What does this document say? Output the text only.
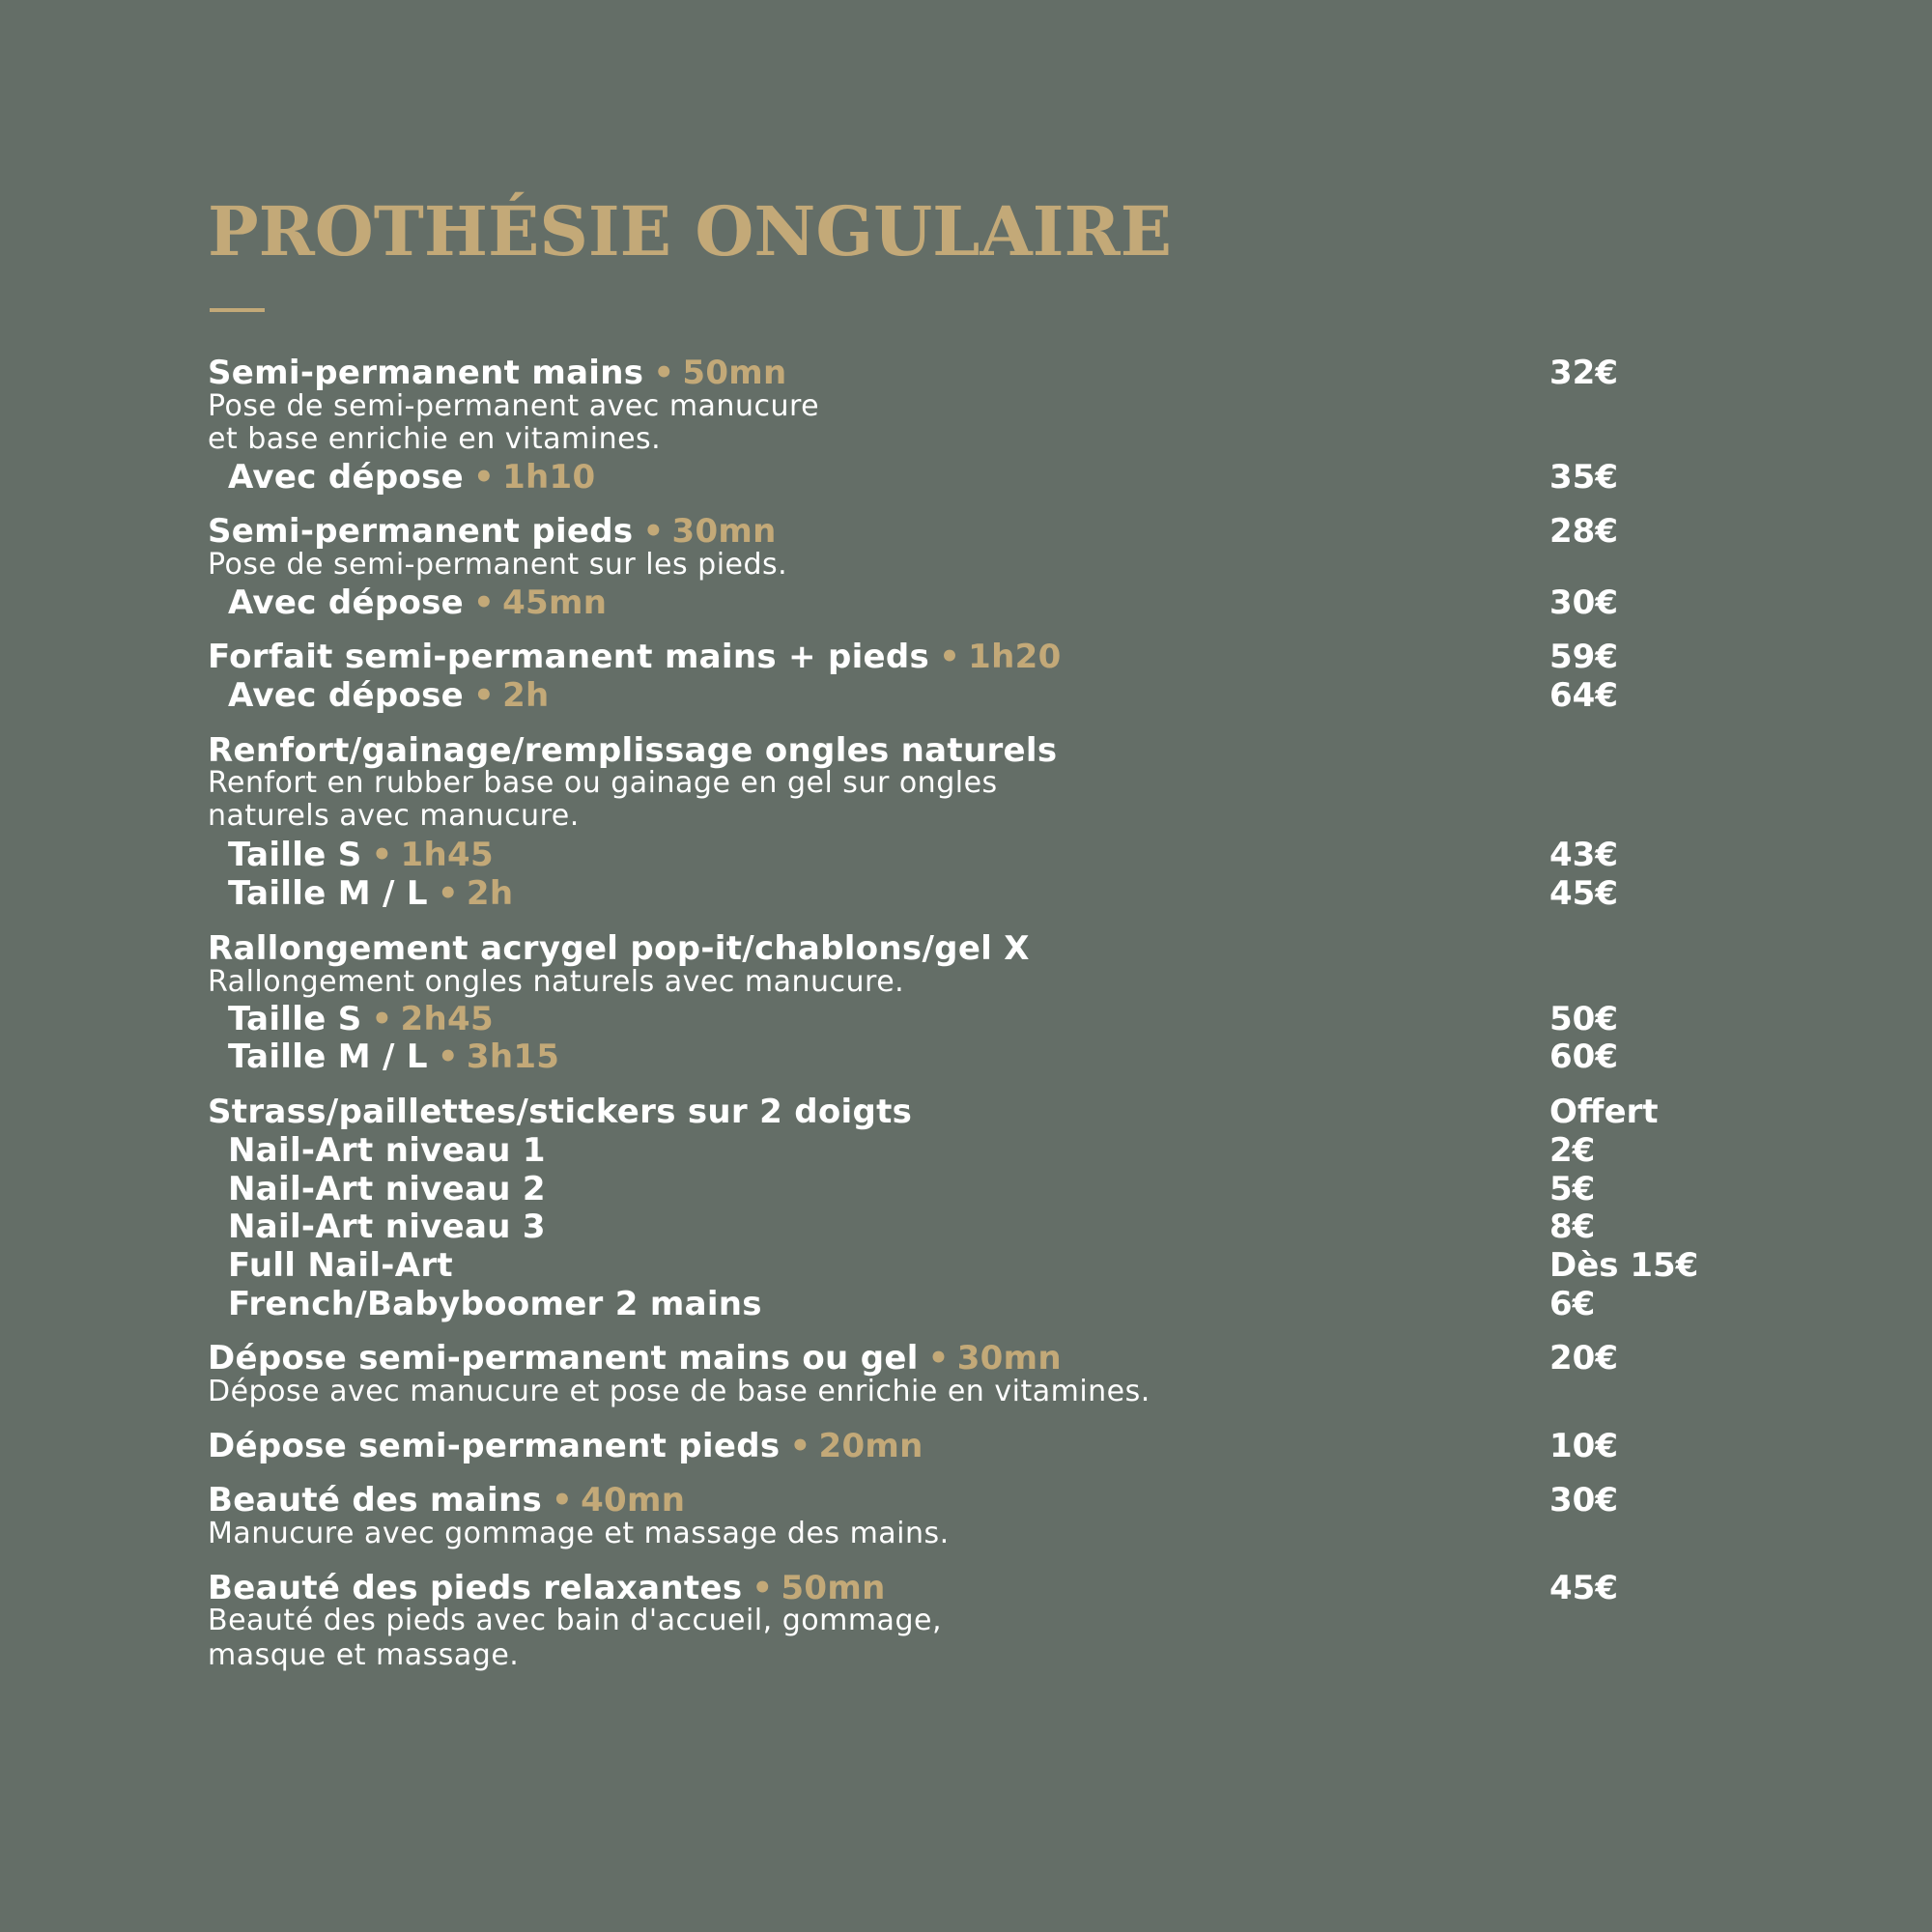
PROTHÉSIE ONGULAIRE
Semi-permanent mains • 50mn	32€
Pose de semi-permanent avec manucure
et base enrichie en vitamines.
Avec dépose • 1h10	35€
Semi-permanent pieds • 30mn	28€
Pose de semi-permanent sur les pieds.
Avec dépose • 45mn	30€
Forfait semi-permanent mains + pieds • 1h20	59€
Avec dépose • 2h	64€
Renfort/gainage/remplissage ongles naturels
Renfort en rubber base ou gainage en gel sur ongles
naturels avec manucure.
Taille S • 1h45	43€
Taille M / L • 2h	45€
Rallongement acrygel pop-it/chablons/gel X
Rallongement ongles naturels avec manucure.
Taille S • 2h45	50€
Taille M / L • 3h15	60€
Strass/paillettes/stickers sur 2 doigts	Offert
Nail-Art niveau 1	2€
Nail-Art niveau 2	5€
Nail-Art niveau 3	8€
Full Nail-Art	Dès 15€
French/Babyboomer 2 mains	6€
Dépose semi-permanent mains ou gel • 30mn	20€
Dépose avec manucure et pose de base enrichie en vitamines.
Dépose semi-permanent pieds • 20mn	10€
Beauté des mains • 40mn	30€
Manucure avec gommage et massage des mains.
Beauté des pieds relaxantes • 50mn	45€
Beauté des pieds avec bain d'accueil, gommage,
masque et massage.
